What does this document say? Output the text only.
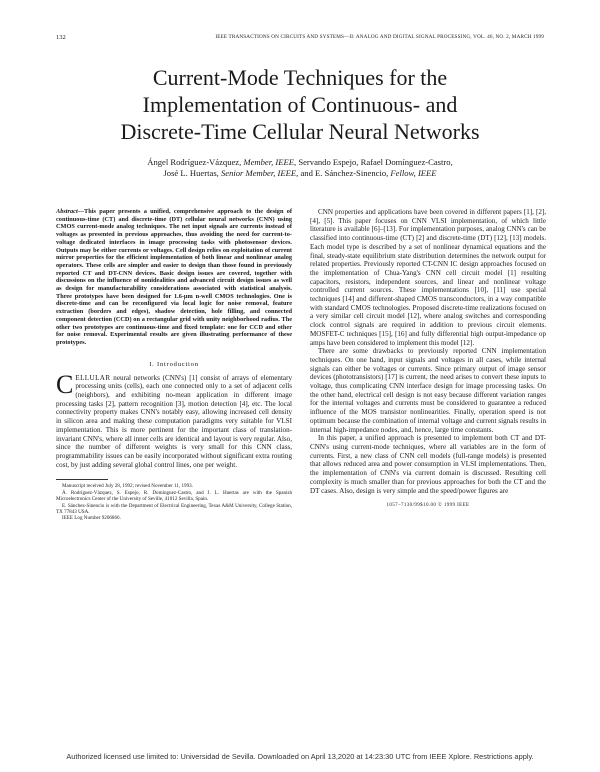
132	IEEE TRANSACTIONS ON CIRCUITS AND SYSTEMS—II: ANALOG AND DIGITAL SIGNAL PROCESSING, VOL. 46, NO. 2, MARCH 1999
Current-Mode Techniques for the
Implementation of Continuous- and
Discrete-Time Cellular Neural Networks
Ángel Rodríguez-Vázquez, Member, IEEE, Servando Espejo, Rafael Domínguez-Castro,
José L. Huertas, Senior Member, IEEE, and E. Sánchez-Sinencio, Fellow, IEEE

Abstract—This paper presents a unified, comprehensive approach to the design of continuous-time (CT) and discrete-time (DT) cellular neural networks (CNN) using CMOS current-mode analog techniques. The net input signals are currents instead of voltages as presented in previous approaches, thus avoiding the need for current-to-voltage dedicated interfaces in image processing tasks with photosensor devices. Outputs may be either currents or voltages. Cell design relies on exploitation of current mirror properties for the efficient implementation of both linear and nonlinear analog operators. These cells are simpler and easier to design than those found in previously reported CT and DT-CNN devices. Basic design issues are covered, together with discussions on the influence of nonidealities and advanced circuit design issues as well as design for manufacturability considerations associated with statistical analysis. Three prototypes have been designed for 1.6-μm n-well CMOS technologies. One is discrete-time and can be reconfigured via local logic for noise removal, feature extraction (borders and edges), shadow detection, hole filling, and connected component detection (CCD) on a rectangular grid with unity neighborhood radius. The other two prototypes are continuous-time and fixed template: one for CCD and other for noise removal. Experimental results are given illustrating performance of these prototypes.

I. Introduction

CELLULAR neural networks (CNN's) [1] consist of arrays of elementary processing units (cells), each one connected only to a set of adjacent cells (neighbors), and exhibiting no-mean application in different image processing tasks [2], pattern recognition [3], motion detection [4], etc. The local connectivity property makes CNN's notably easy, allowing increased cell density in silicon area and making these computation paradigms very suitable for VLSI implementation. This is more pertinent for the important class of translation-invariant CNN's, where all inner cells are identical and layout is very regular. Also, since the number of different weights is very small for this CNN class, programmability issues can be easily incorporated without significant extra routing cost, by just adding several global control lines, one per weight.

Manuscript received July 28, 1992; revised November 11, 1993.

Á. Rodríguez-Vázquez, S. Espejo, R. Domínguez-Castro, and J. L. Huertas are with the Spanish Microelectronics Center of the University of Seville, 41012 Sevilla, Spain.

E. Sánchez-Sinencio is with the Department of Electrical Engineering, Texas A&M University, College Station, TX 77843 USA.

IEEE Log Number 9206866.

CNN properties and applications have been covered in different papers [1], [2], [4], [5]. This paper focuses on CNN VLSI implementation, of which little literature is available [6]–[13]. For implementation purposes, analog CNN's can be classified into continuous-time (CT) [2] and discrete-time (DT) [12], [13] models. Each model type is described by a set of nonlinear dynamical equations and the final, steady-state equilibrium state distribution determines the network output for related properties. Previously reported CT-CNN IC design approaches focused on the implementation of Chua-Yang's CNN cell circuit model [1] resulting capacitors, resistors, independent sources, and linear and nonlinear voltage controlled current sources. These implementations [10], [11] use special techniques [14] and different-shaped CMOS transconductors, in a way compatible with standard CMOS technologies. Proposed discrete-time realizations focused on a very similar cell circuit model [12], where analog switches and corresponding clock control signals are required in addition to previous circuit elements. MOSFET-C techniques [15], [16] and fully differential high output-impedance op amps have been considered to implement this model [12].

There are some drawbacks to previously reported CNN implementation techniques. On one hand, input signals and voltages in all cases, while internal signals can either be voltages or currents. Since primary output of image sensor devices (phototransistors) [17] is current, the need arises to convert these inputs to voltage, thus complicating CNN interface design for image processing tasks. On the other hand, electrical cell design is not easy because different variation ranges for the internal voltages and currents must be considered to guarantee a reduced influence of the MOS transistor nonlinearities. Finally, operation speed is not optimum because the combination of internal voltage and current signals results in internal high-impedance nodes, and, hence, large time constants.

In this paper, a unified approach is presented to implement both CT and DT-CNN's using current-mode techniques, where all variables are in the form of currents. First, a new class of CNN cell models (full-range models) is presented that allows reduced area and power consumption in VLSI implementations. Then, the implementation of CNN's via current domain is discussed. Resulting cell complexity is much smaller than for previous approaches for both the CT and the DT cases. Also, design is very simple and the speed/power figures are

1057–7130/99$10.00 © 1999 IEEE
Authorized licensed use limited to: Universidad de Sevilla. Downloaded on April 13,2020 at 14:23:30 UTC from IEEE Xplore. Restrictions apply.
